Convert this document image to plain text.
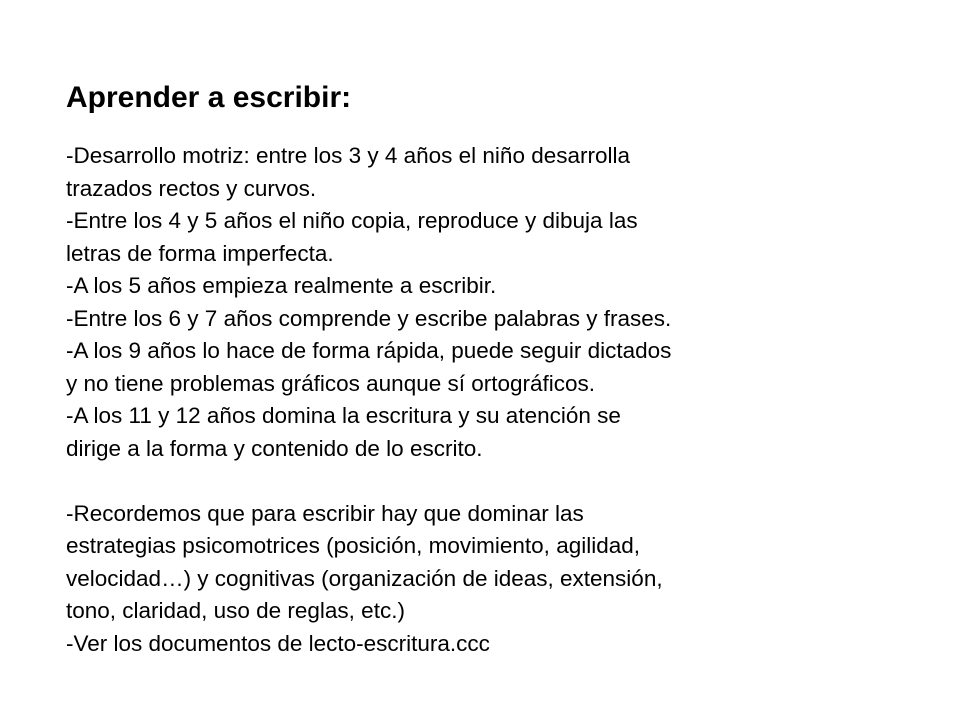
Aprender a escribir:

-Desarrollo motriz: entre los 3 y 4 años el niño desarrolla

trazados rectos y curvos.

-Entre los 4 y 5 años el niño copia, reproduce y dibuja las

letras de forma imperfecta.

-A los 5 años empieza realmente a escribir.

-Entre los 6 y 7 años comprende y escribe palabras y frases.

-A los 9 años lo hace de forma rápida, puede seguir dictados

y no tiene problemas gráficos aunque sí ortográficos.

-A los 11 y 12 años domina la escritura y su atención se

dirige a la forma y contenido de lo escrito.

-Recordemos que para escribir hay que dominar las

estrategias psicomotrices (posición, movimiento, agilidad,

velocidad…) y cognitivas (organización de ideas, extensión,

tono, claridad, uso de reglas, etc.)

-Ver los documentos de lecto-escritura.ccc
